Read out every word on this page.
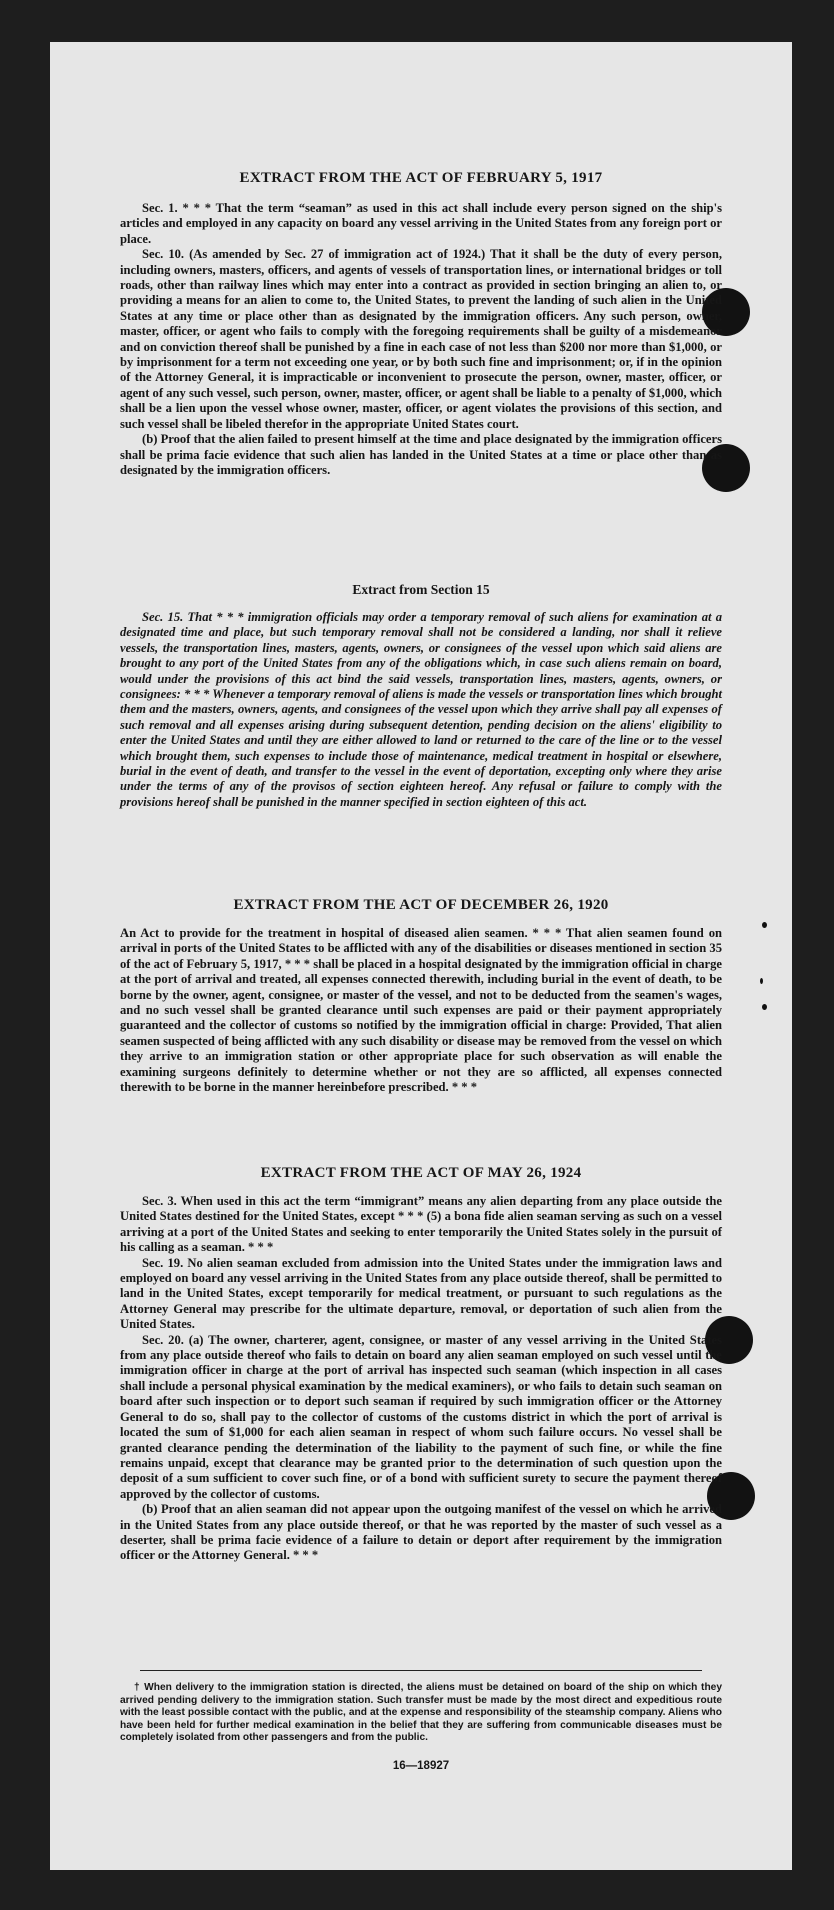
EXTRACT FROM THE ACT OF FEBRUARY 5, 1917

Sec. 1. * * * That the term “seaman” as used in this act shall include every person signed on the ship's articles and employed in any capacity on board any vessel arriving in the United States from any foreign port or place.

Sec. 10. (As amended by Sec. 27 of immigration act of 1924.) That it shall be the duty of every person, including owners, masters, officers, and agents of vessels of transportation lines, or international bridges or toll roads, other than railway lines which may enter into a contract as provided in section bringing an alien to, or providing a means for an alien to come to, the United States, to prevent the landing of such alien in the United States at any time or place other than as designated by the immigration officers. Any such person, owner, master, officer, or agent who fails to comply with the foregoing requirements shall be guilty of a misdemeanor and on conviction thereof shall be punished by a fine in each case of not less than $200 nor more than $1,000, or by imprisonment for a term not exceeding one year, or by both such fine and imprisonment; or, if in the opinion of the Attorney General, it is impracticable or inconvenient to prosecute the person, owner, master, officer, or agent of any such vessel, such person, owner, master, officer, or agent shall be liable to a penalty of $1,000, which shall be a lien upon the vessel whose owner, master, officer, or agent violates the provisions of this section, and such vessel shall be libeled therefor in the appropriate United States court.

(b) Proof that the alien failed to present himself at the time and place designated by the immigration officers shall be prima facie evidence that such alien has landed in the United States at a time or place other than as designated by the immigration officers.

Extract from Section 15

Sec. 15. That * * * immigration officials may order a temporary removal of such aliens for examination at a designated time and place, but such temporary removal shall not be considered a landing, nor shall it relieve vessels, the transportation lines, masters, agents, owners, or consignees of the vessel upon which said aliens are brought to any port of the United States from any of the obligations which, in case such aliens remain on board, would under the provisions of this act bind the said vessels, transportation lines, masters, agents, owners, or consignees: * * * Whenever a temporary removal of aliens is made the vessels or transportation lines which brought them and the masters, owners, agents, and consignees of the vessel upon which they arrive shall pay all expenses of such removal and all expenses arising during subsequent detention, pending decision on the aliens' eligibility to enter the United States and until they are either allowed to land or returned to the care of the line or to the vessel which brought them, such expenses to include those of maintenance, medical treatment in hospital or elsewhere, burial in the event of death, and transfer to the vessel in the event of deportation, excepting only where they arise under the terms of any of the provisos of section eighteen hereof. Any refusal or failure to comply with the provisions hereof shall be punished in the manner specified in section eighteen of this act.

EXTRACT FROM THE ACT OF DECEMBER 26, 1920

An Act to provide for the treatment in hospital of diseased alien seamen. * * * That alien seamen found on arrival in ports of the United States to be afflicted with any of the disabilities or diseases mentioned in section 35 of the act of February 5, 1917, * * * shall be placed in a hospital designated by the immigration official in charge at the port of arrival and treated, all expenses connected therewith, including burial in the event of death, to be borne by the owner, agent, consignee, or master of the vessel, and not to be deducted from the seamen's wages, and no such vessel shall be granted clearance until such expenses are paid or their payment appropriately guaranteed and the collector of customs so notified by the immigration official in charge: Provided, That alien seamen suspected of being afflicted with any such disability or disease may be removed from the vessel on which they arrive to an immigration station or other appropriate place for such observation as will enable the examining surgeons definitely to determine whether or not they are so afflicted, all expenses connected therewith to be borne in the manner hereinbefore prescribed. * * *

EXTRACT FROM THE ACT OF MAY 26, 1924

Sec. 3. When used in this act the term “immigrant” means any alien departing from any place outside the United States destined for the United States, except * * * (5) a bona fide alien seaman serving as such on a vessel arriving at a port of the United States and seeking to enter temporarily the United States solely in the pursuit of his calling as a seaman. * * *

Sec. 19. No alien seaman excluded from admission into the United States under the immigration laws and employed on board any vessel arriving in the United States from any place outside thereof, shall be permitted to land in the United States, except temporarily for medical treatment, or pursuant to such regulations as the Attorney General may prescribe for the ultimate departure, removal, or deportation of such alien from the United States.

Sec. 20. (a) The owner, charterer, agent, consignee, or master of any vessel arriving in the United States from any place outside thereof who fails to detain on board any alien seaman employed on such vessel until the immigration officer in charge at the port of arrival has inspected such seaman (which inspection in all cases shall include a personal physical examination by the medical examiners), or who fails to detain such seaman on board after such inspection or to deport such seaman if required by such immigration officer or the Attorney General to do so, shall pay to the collector of customs of the customs district in which the port of arrival is located the sum of $1,000 for each alien seaman in respect of whom such failure occurs. No vessel shall be granted clearance pending the determination of the liability to the payment of such fine, or while the fine remains unpaid, except that clearance may be granted prior to the determination of such question upon the deposit of a sum sufficient to cover such fine, or of a bond with sufficient surety to secure the payment thereof approved by the collector of customs.

(b) Proof that an alien seaman did not appear upon the outgoing manifest of the vessel on which he arrived in the United States from any place outside thereof, or that he was reported by the master of such vessel as a deserter, shall be prima facie evidence of a failure to detain or deport after requirement by the immigration officer or the Attorney General. * * *

† When delivery to the immigration station is directed, the aliens must be detained on board of the ship on which they arrived pending delivery to the immigration station. Such transfer must be made by the most direct and expeditious route with the least possible contact with the public, and at the expense and responsibility of the steamship company. Aliens who have been held for further medical examination in the belief that they are suffering from communicable diseases must be completely isolated from other passengers and from the public.

16—18927
